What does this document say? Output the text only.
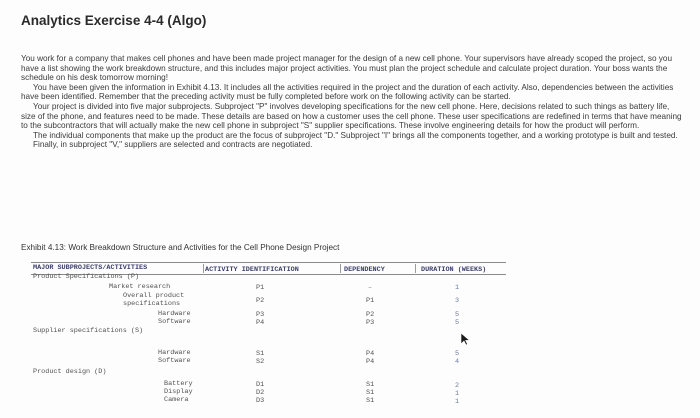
Analytics Exercise 4-4 (Algo)

You work for a company that makes cell phones and have been made project manager for the design of a new cell phone. Your supervisors have already scoped the project, so you have a list showing the work breakdown structure, and this includes major project activities. You must plan the project schedule and calculate project duration. Your boss wants the schedule on his desk tomorrow morning!

You have been given the information in Exhibit 4.13. It includes all the activities required in the project and the duration of each activity. Also, dependencies between the activities have been identified. Remember that the preceding activity must be fully completed before work on the following activity can be started.

Your project is divided into five major subprojects. Subproject "P" involves developing specifications for the new cell phone. Here, decisions related to such things as battery life, size of the phone, and features need to be made. These details are based on how a customer uses the cell phone. These user specifications are redefined in terms that have meaning to the subcontractors that will actually make the new cell phone in subproject "S" supplier specifications. These involve engineering details for how the product will perform.

The individual components that make up the product are the focus of subproject "D." Subproject "I" brings all the components together, and a working prototype is built and tested.

Finally, in subproject "V," suppliers are selected and contracts are negotiated.

Exhibit 4.13: Work Breakdown Structure and Activities for the Cell Phone Design Project
MAJOR SUBPROJECTS/ACTIVITIES	ACTIVITY IDENTIFICATION	DEPENDENCY	DURATION (WEEKS)
Product Specifications (P)
Market research	P1	–	1
Overall product
specifications	P2	P1	3
Hardware	P3	P2	5
Software	P4	P3	5
Supplier specifications (S)
Hardware	S1	P4	5
Software	S2	P4	4
Product design (D)
Battery	D1	S1	2
Display	D2	S1	1
Camera	D3	S1	1
